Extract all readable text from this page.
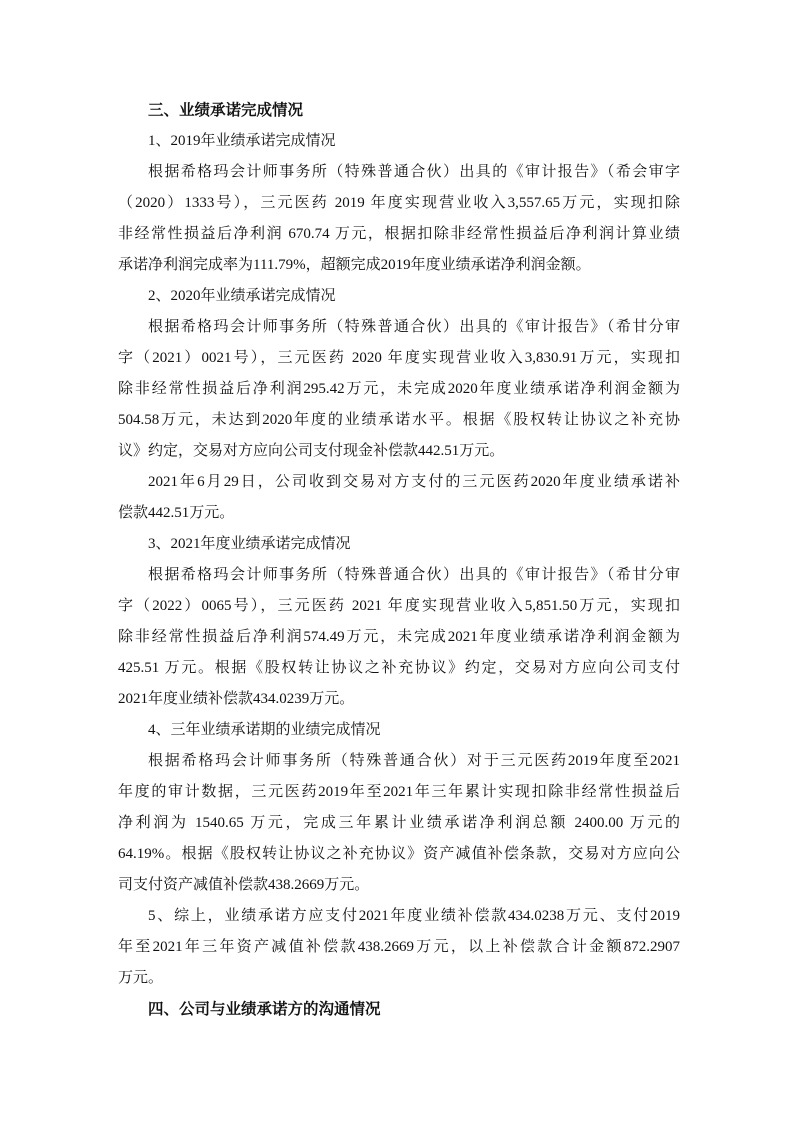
三、业绩承诺完成情况
1、2019年业绩承诺完成情况
根据希格玛会计师事务所（特殊普通合伙）出具的《审计报告》（希会审字
（2020）1333号），三元医药 2019 年度实现营业收入3,557.65万元，实现扣除
非经常性损益后净利润 670.74 万元，根据扣除非经常性损益后净利润计算业绩
承诺净利润完成率为111.79%，超额完成2019年度业绩承诺净利润金额。
2、2020年业绩承诺完成情况
根据希格玛会计师事务所（特殊普通合伙）出具的《审计报告》（希甘分审
字（2021）0021号），三元医药 2020 年度实现营业收入3,830.91万元，实现扣
除非经常性损益后净利润295.42万元，未完成2020年度业绩承诺净利润金额为
504.58万元，未达到2020年度的业绩承诺水平。根据《股权转让协议之补充协
议》约定，交易对方应向公司支付现金补偿款442.51万元。
2021年6月29日，公司收到交易对方支付的三元医药2020年度业绩承诺补
偿款442.51万元。
3、2021年度业绩承诺完成情况
根据希格玛会计师事务所（特殊普通合伙）出具的《审计报告》（希甘分审
字（2022）0065号），三元医药 2021 年度实现营业收入5,851.50万元，实现扣
除非经常性损益后净利润574.49万元，未完成2021年度业绩承诺净利润金额为
425.51 万元。根据《股权转让协议之补充协议》约定，交易对方应向公司支付
2021年度业绩补偿款434.0239万元。
4、三年业绩承诺期的业绩完成情况
根据希格玛会计师事务所（特殊普通合伙）对于三元医药2019年度至2021
年度的审计数据，三元医药2019年至2021年三年累计实现扣除非经常性损益后
净利润为 1540.65 万元，完成三年累计业绩承诺净利润总额 2400.00 万元的
64.19%。根据《股权转让协议之补充协议》资产减值补偿条款，交易对方应向公
司支付资产减值补偿款438.2669万元。
5、综上，业绩承诺方应支付2021年度业绩补偿款434.0238万元、支付2019
年至2021年三年资产减值补偿款438.2669万元，以上补偿款合计金额872.2907
万元。
四、公司与业绩承诺方的沟通情况
